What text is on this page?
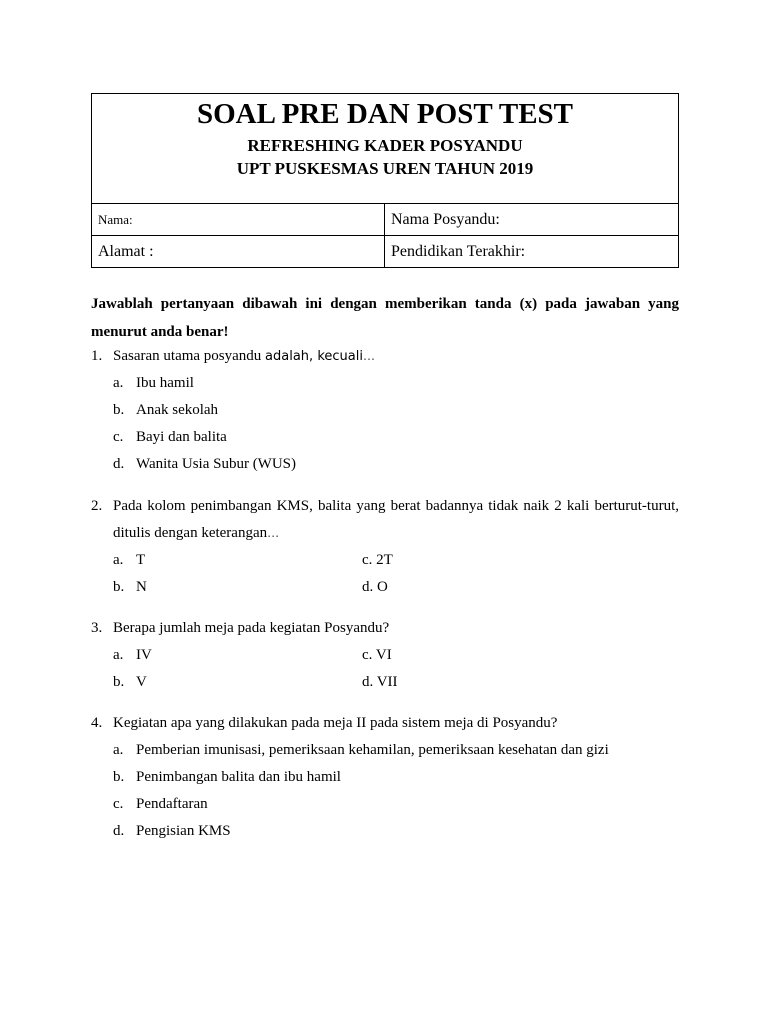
SOAL PRE DAN POST TEST
REFRESHING KADER POSYANDU
UPT PUSKESMAS UREN TAHUN 2019
Nama:	Nama Posyandu:
Alamat :	Pendidikan Terakhir:

Jawablah pertanyaan dibawah ini dengan memberikan tanda (x) pada jawaban yang menurut anda benar!

1. Sasaran utama posyandu adalah, kecuali…
a. Ibu hamil
b. Anak sekolah
c. Bayi dan balita
d. Wanita Usia Subur (WUS)
2. Pada kolom penimbangan KMS, balita yang berat badannya tidak naik 2 kali berturut-turut,
ditulis dengan keterangan…
a. T	c. 2T
b. N	d. O
3. Berapa jumlah meja pada kegiatan Posyandu?
a. IV	c. VI
b. V	d. VII
4. Kegiatan apa yang dilakukan pada meja II pada sistem meja di Posyandu?
a. Pemberian imunisasi, pemeriksaan kehamilan, pemeriksaan kesehatan dan gizi
b. Penimbangan balita dan ibu hamil
c. Pendaftaran
d. Pengisian KMS
